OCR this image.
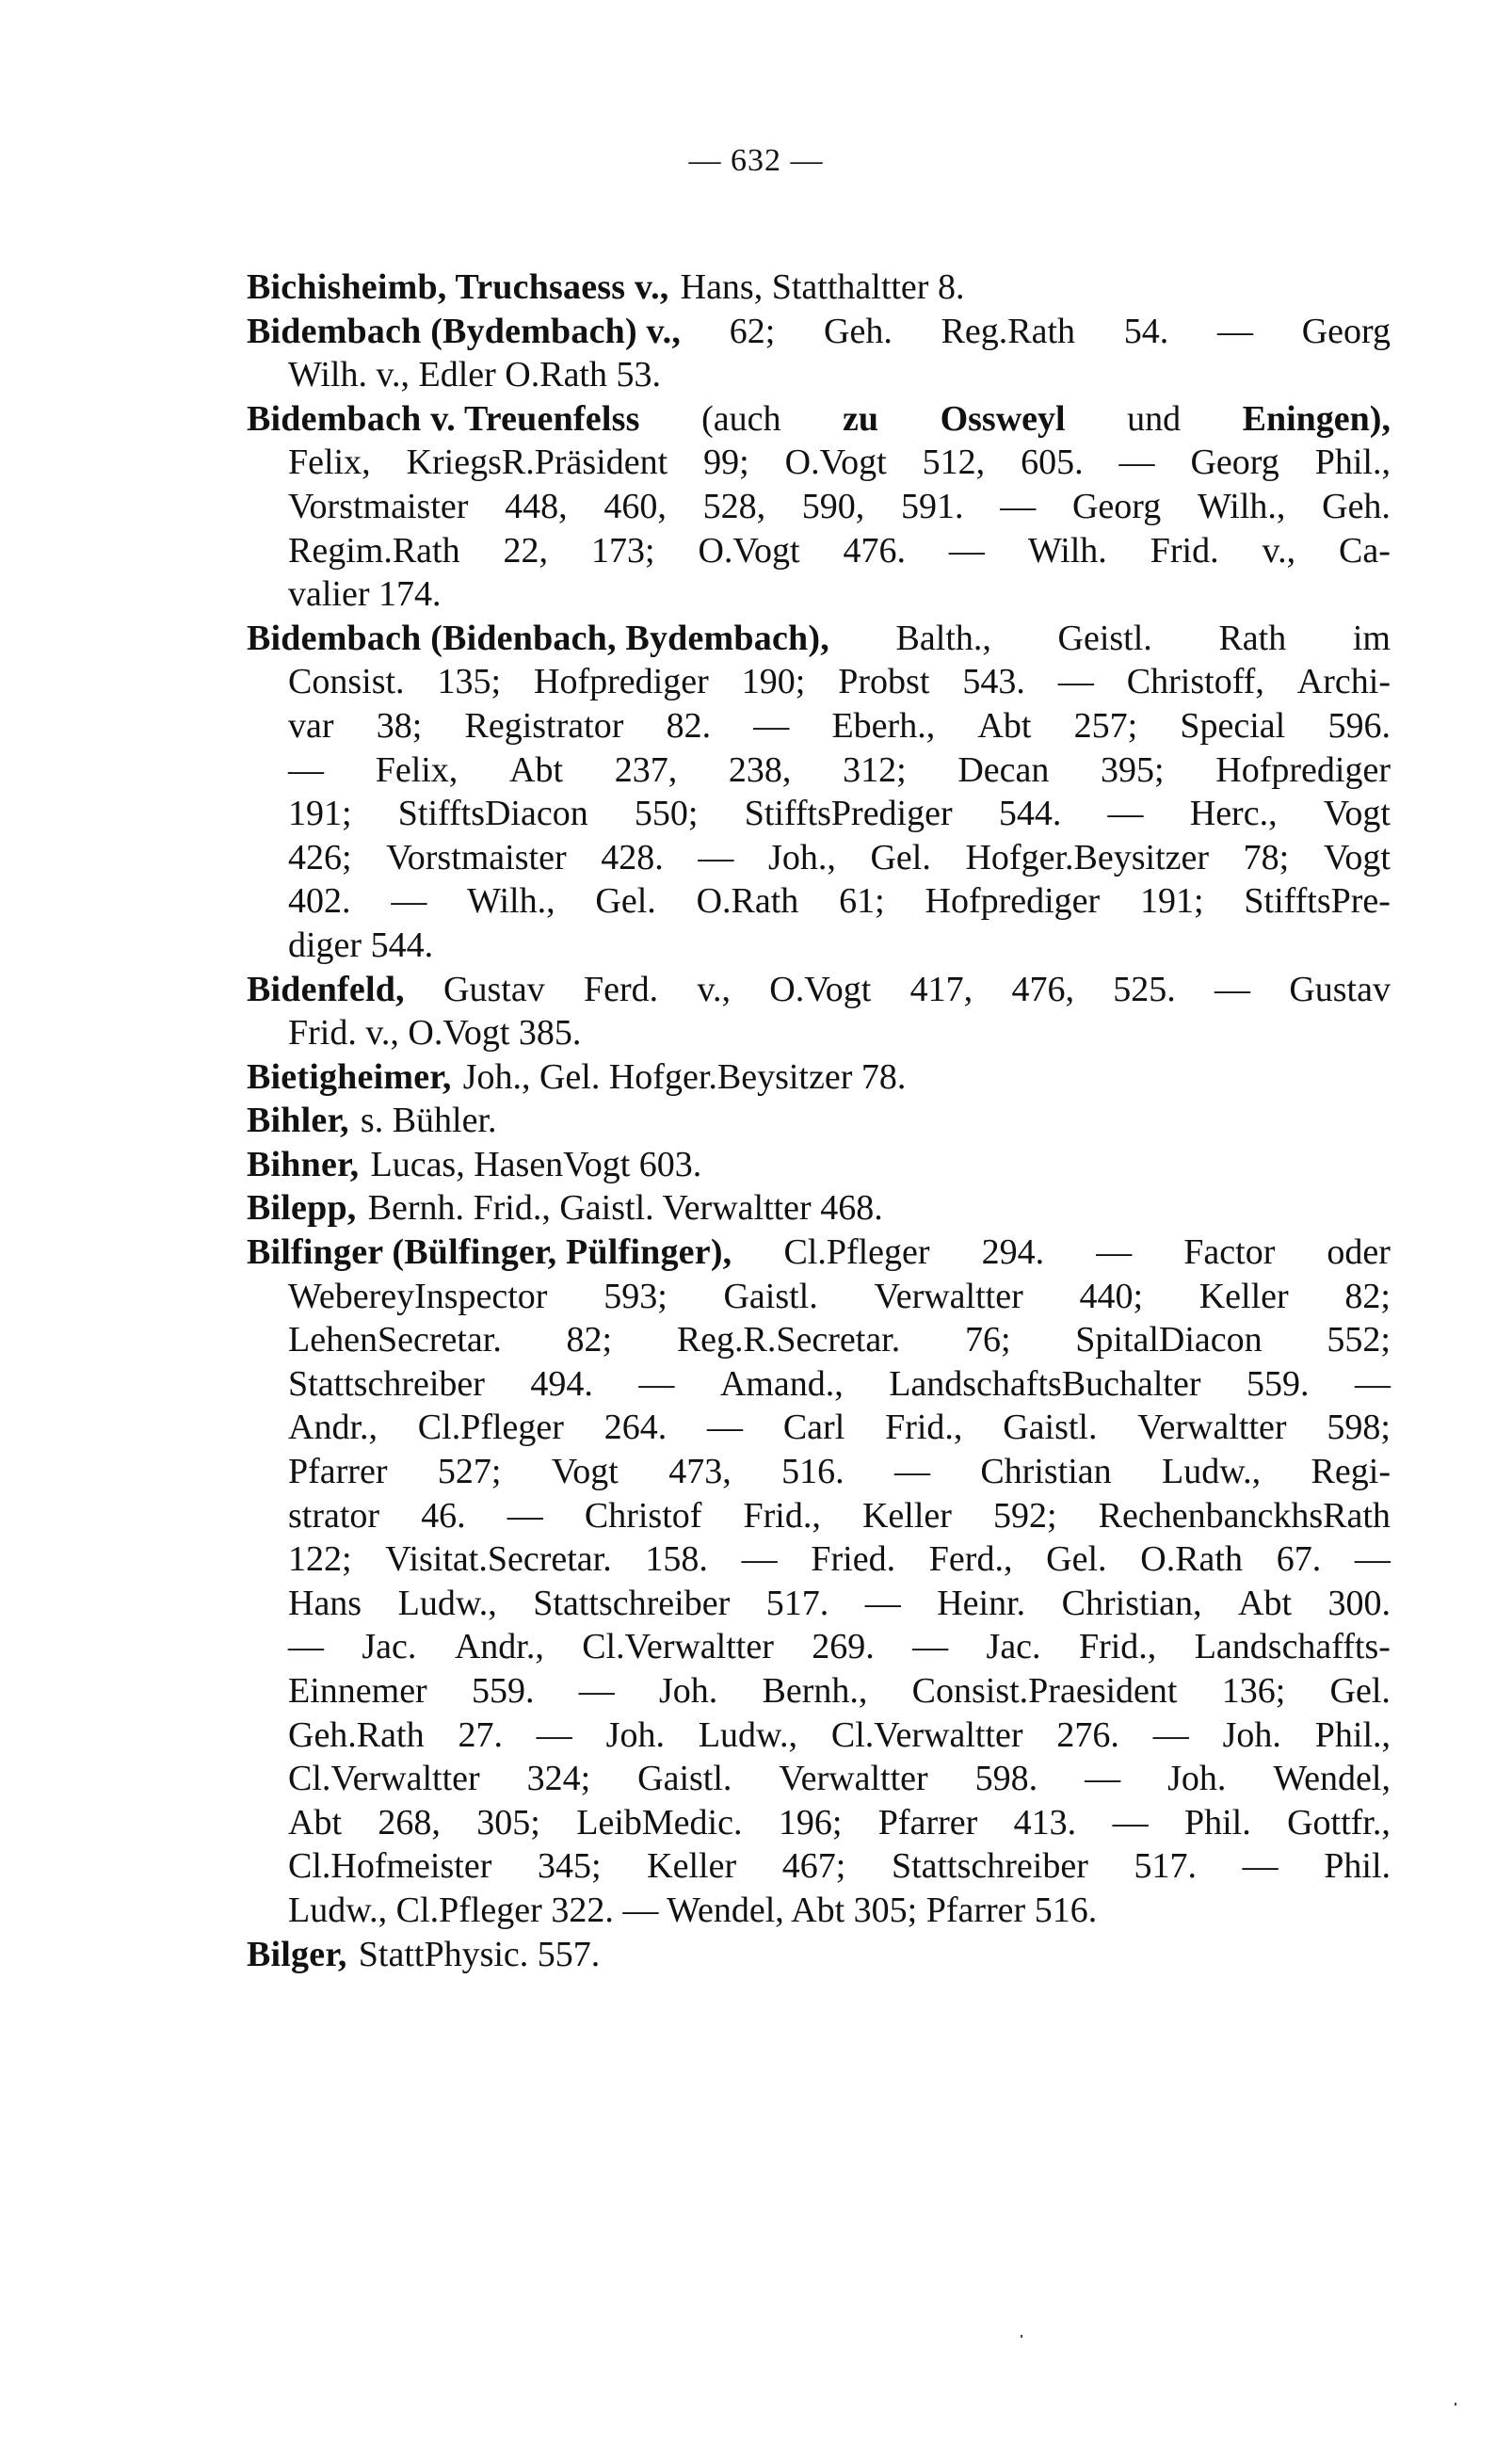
— 632 —
Bichisheimb, Truchsaess v., Hans, Statthaltter 8.
Bidembach (Bydembach) v., 62; Geh. Reg.Rath 54. — Georg
Wilh. v., Edler O.Rath 53.
Bidembach v. Treuenfelss (auch zu Ossweyl und Eningen),
Felix, KriegsR.Präsident 99; O.Vogt 512, 605. — Georg Phil.,
Vorstmaister 448, 460, 528, 590, 591. — Georg Wilh., Geh.
Regim.Rath 22, 173; O.Vogt 476. — Wilh. Frid. v., Ca-
valier 174.
Bidembach (Bidenbach, Bydembach), Balth., Geistl. Rath im
Consist. 135; Hofprediger 190; Probst 543. — Christoff, Archi-
var 38; Registrator 82. — Eberh., Abt 257; Special 596.
— Felix, Abt 237, 238, 312; Decan 395; Hofprediger
191; StifftsDiacon 550; StifftsPrediger 544. — Herc., Vogt
426; Vorstmaister 428. — Joh., Gel. Hofger.Beysitzer 78; Vogt
402. — Wilh., Gel. O.Rath 61; Hofprediger 191; StifftsPre-
diger 544.
Bidenfeld, Gustav Ferd. v., O.Vogt 417, 476, 525. — Gustav
Frid. v., O.Vogt 385.
Bietigheimer, Joh., Gel. Hofger.Beysitzer 78.
Bihler, s. Bühler.
Bihner, Lucas, HasenVogt 603.
Bilepp, Bernh. Frid., Gaistl. Verwaltter 468.
Bilfinger (Bülfinger, Pülfinger), Cl.Pfleger 294. — Factor oder
WebereyInspector 593; Gaistl. Verwaltter 440; Keller 82;
LehenSecretar. 82; Reg.R.Secretar. 76; SpitalDiacon 552;
Stattschreiber 494. — Amand., LandschaftsBuchalter 559. —
Andr., Cl.Pfleger 264. — Carl Frid., Gaistl. Verwaltter 598;
Pfarrer 527; Vogt 473, 516. — Christian Ludw., Regi-
strator 46. — Christof Frid., Keller 592; RechenbanckhsRath
122; Visitat.Secretar. 158. — Fried. Ferd., Gel. O.Rath 67. —
Hans Ludw., Stattschreiber 517. — Heinr. Christian, Abt 300.
— Jac. Andr., Cl.Verwaltter 269. — Jac. Frid., Landschaffts-
Einnemer 559. — Joh. Bernh., Consist.Praesident 136; Gel.
Geh.Rath 27. — Joh. Ludw., Cl.Verwaltter 276. — Joh. Phil.,
Cl.Verwaltter 324; Gaistl. Verwaltter 598. — Joh. Wendel,
Abt 268, 305; LeibMedic. 196; Pfarrer 413. — Phil. Gottfr.,
Cl.Hofmeister 345; Keller 467; Stattschreiber 517. — Phil.
Ludw., Cl.Pfleger 322. — Wendel, Abt 305; Pfarrer 516.
Bilger, StattPhysic. 557.
